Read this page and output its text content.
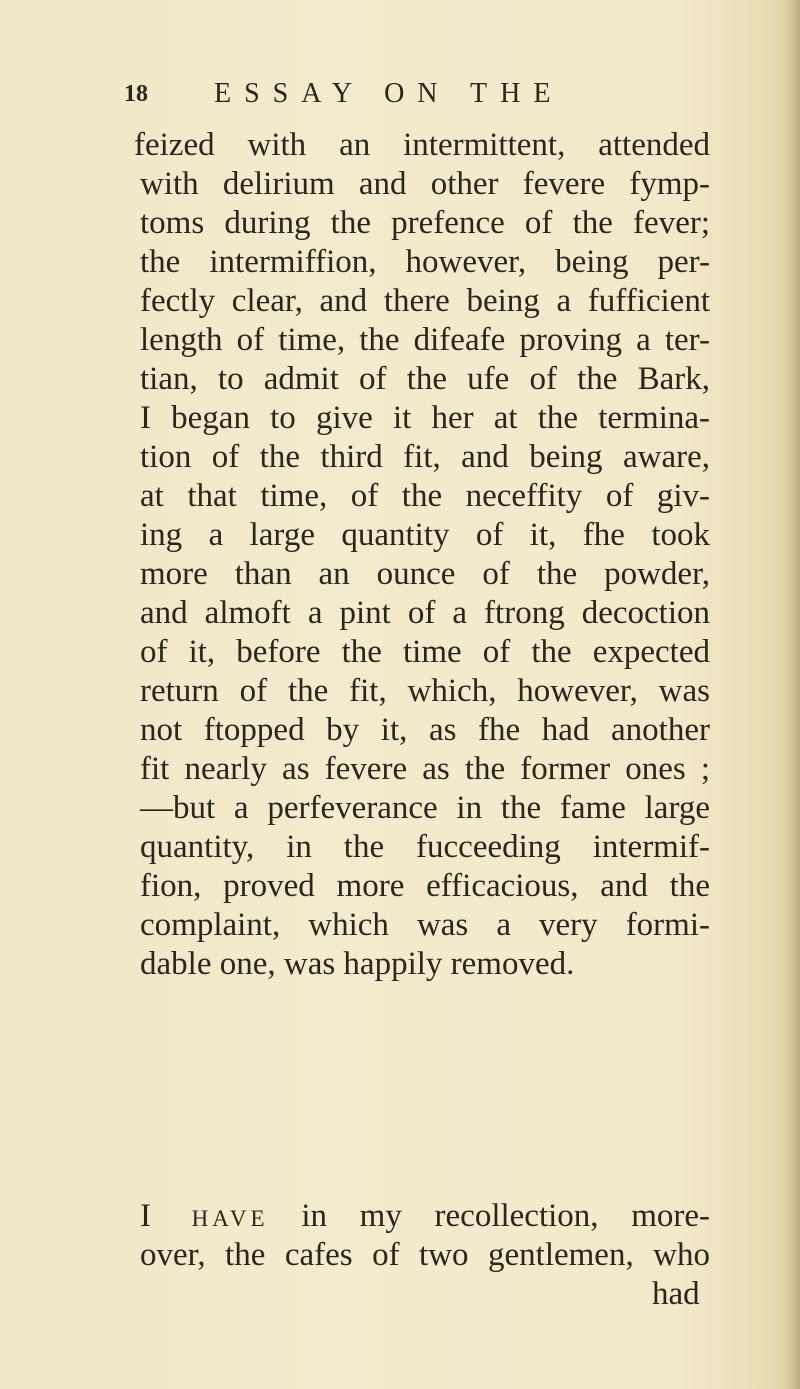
18 ESSAY ON THE
feized with an intermittent, attended
with delirium and other fevere fymp-
toms during the prefence of the fever;
the intermiffion, however, being per-
fectly clear, and there being a fufficient
length of time, the difeafe proving a ter-
tian, to admit of the ufe of the Bark,
I began to give it her at the termina-
tion of the third fit, and being aware,
at that time, of the neceffity of giv-
ing a large quantity of it, fhe took
more than an ounce of the powder,
and almoft a pint of a ftrong decoction
of it, before the time of the expected
return of the fit, which, however, was
not ftopped by it, as fhe had another
fit nearly as fevere as the former ones ;
—but a perfeverance in the fame large
quantity, in the fucceeding intermif-
fion, proved more efficacious, and the
complaint, which was a very formi-
dable one, was happily removed.
I have in my recollection, more-
over, the cafes of two gentlemen, who
had
